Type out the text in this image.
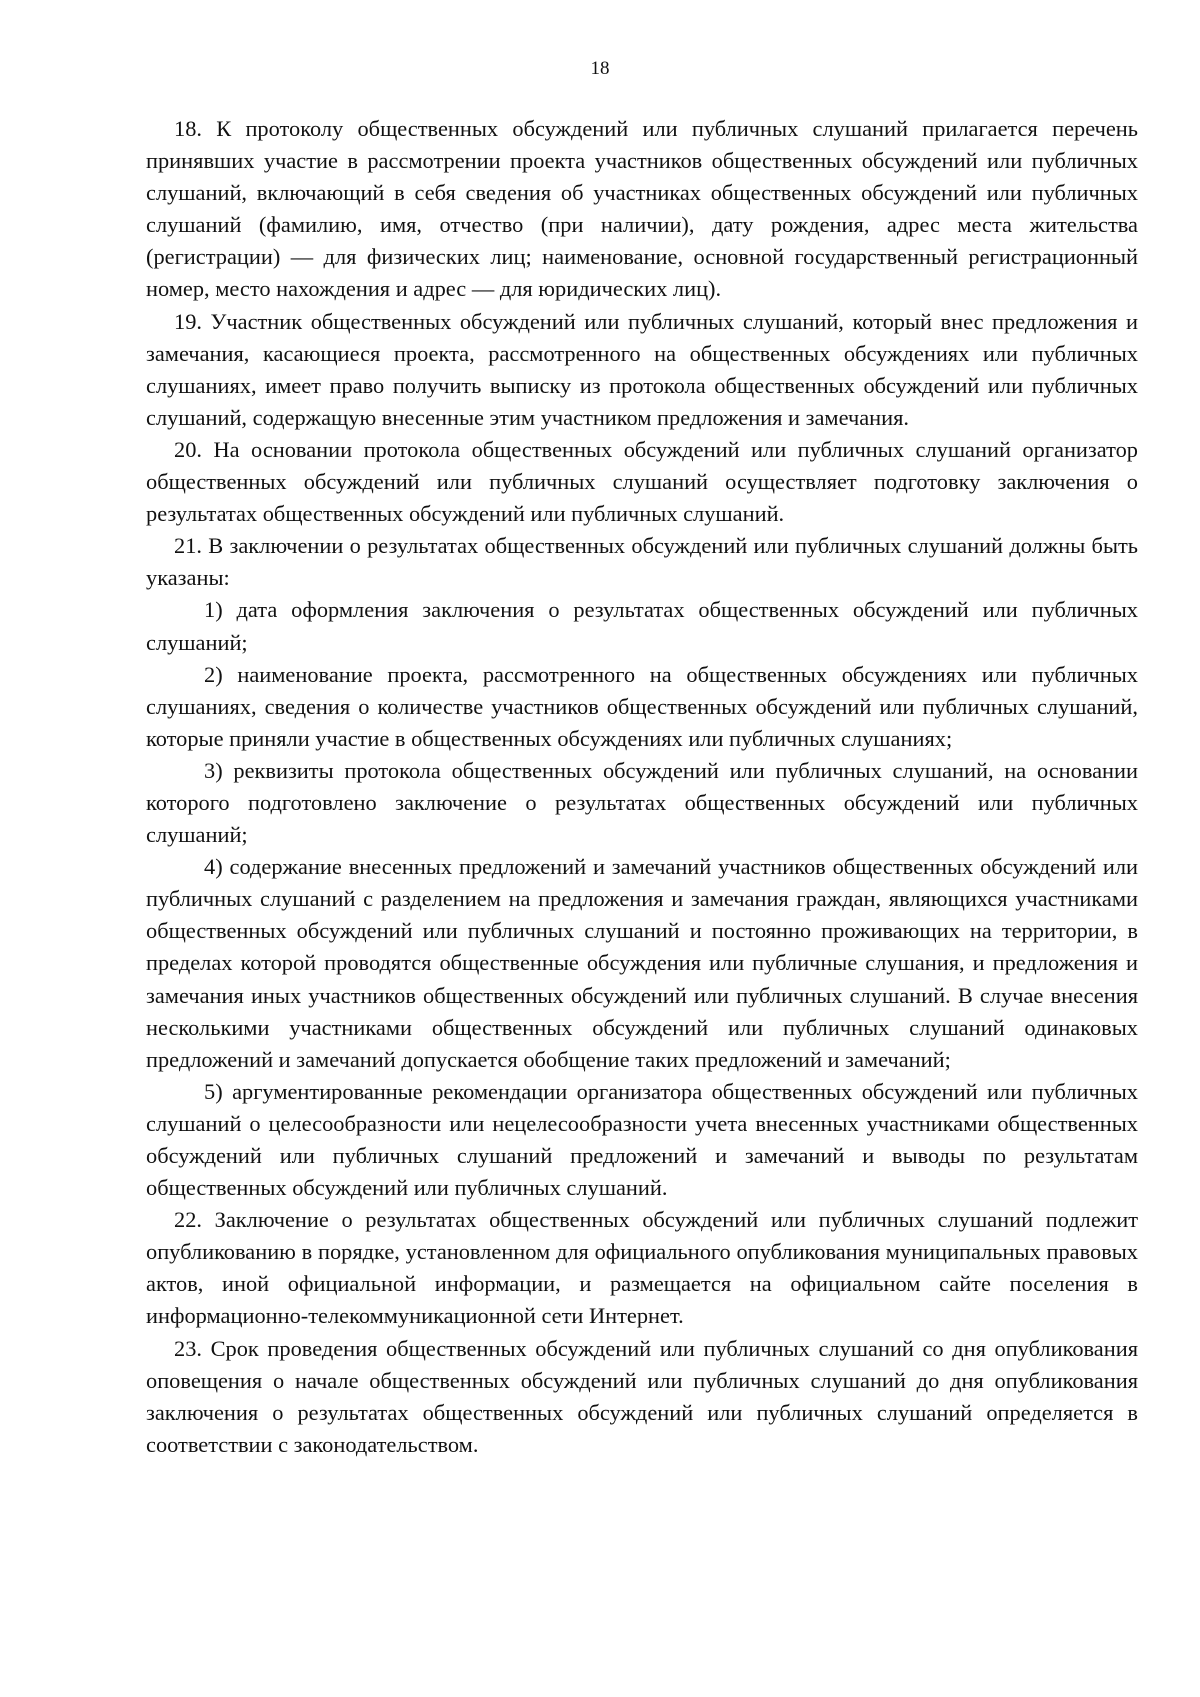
18

18. К протоколу общественных обсуждений или публичных слушаний прилагается перечень принявших участие в рассмотрении проекта участников общественных обсуждений или публичных слушаний, включающий в себя сведения об участниках общественных обсуждений или публичных слушаний (фамилию, имя, отчество (при наличии), дату рождения, адрес места жительства (регистрации) — для физических лиц; наименование, основной государственный регистрационный номер, место нахождения и адрес — для юридических лиц).

19. Участник общественных обсуждений или публичных слушаний, который внес предложения и замечания, касающиеся проекта, рассмотренного на общественных обсуждениях или публичных слушаниях, имеет право получить выписку из протокола общественных обсуждений или публичных слушаний, содержащую внесенные этим участником предложения и замечания.

20. На основании протокола общественных обсуждений или публичных слушаний организатор общественных обсуждений или публичных слушаний осуществляет подготовку заключения о результатах общественных обсуждений или публичных слушаний.

21. В заключении о результатах общественных обсуждений или публичных слушаний должны быть указаны:

1) дата оформления заключения о результатах общественных обсуждений или публичных слушаний;

2) наименование проекта, рассмотренного на общественных обсуждениях или публичных слушаниях, сведения о количестве участников общественных обсуждений или публичных слушаний, которые приняли участие в общественных обсуждениях или публичных слушаниях;

3) реквизиты протокола общественных обсуждений или публичных слушаний, на основании которого подготовлено заключение о результатах общественных обсуждений или публичных слушаний;

4) содержание внесенных предложений и замечаний участников общественных обсуждений или публичных слушаний с разделением на предложения и замечания граждан, являющихся участниками общественных обсуждений или публичных слушаний и постоянно проживающих на территории, в пределах которой проводятся общественные обсуждения или публичные слушания, и предложения и замечания иных участников общественных обсуждений или публичных слушаний. В случае внесения несколькими участниками общественных обсуждений или публичных слушаний одинаковых предложений и замечаний допускается обобщение таких предложений и замечаний;

5) аргументированные рекомендации организатора общественных обсуждений или публичных слушаний о целесообразности или нецелесообразности учета внесенных участниками общественных обсуждений или публичных слушаний предложений и замечаний и выводы по результатам общественных обсуждений или публичных слушаний.

22. Заключение о результатах общественных обсуждений или публичных слушаний подлежит опубликованию в порядке, установленном для официального опубликования муниципальных правовых актов, иной официальной информации, и размещается на официальном сайте поселения в информационно-телекоммуникационной сети Интернет.

23. Срок проведения общественных обсуждений или публичных слушаний со дня опубликования оповещения о начале общественных обсуждений или публичных слушаний до дня опубликования заключения о результатах общественных обсуждений или публичных слушаний определяется в соответствии с законодательством.
